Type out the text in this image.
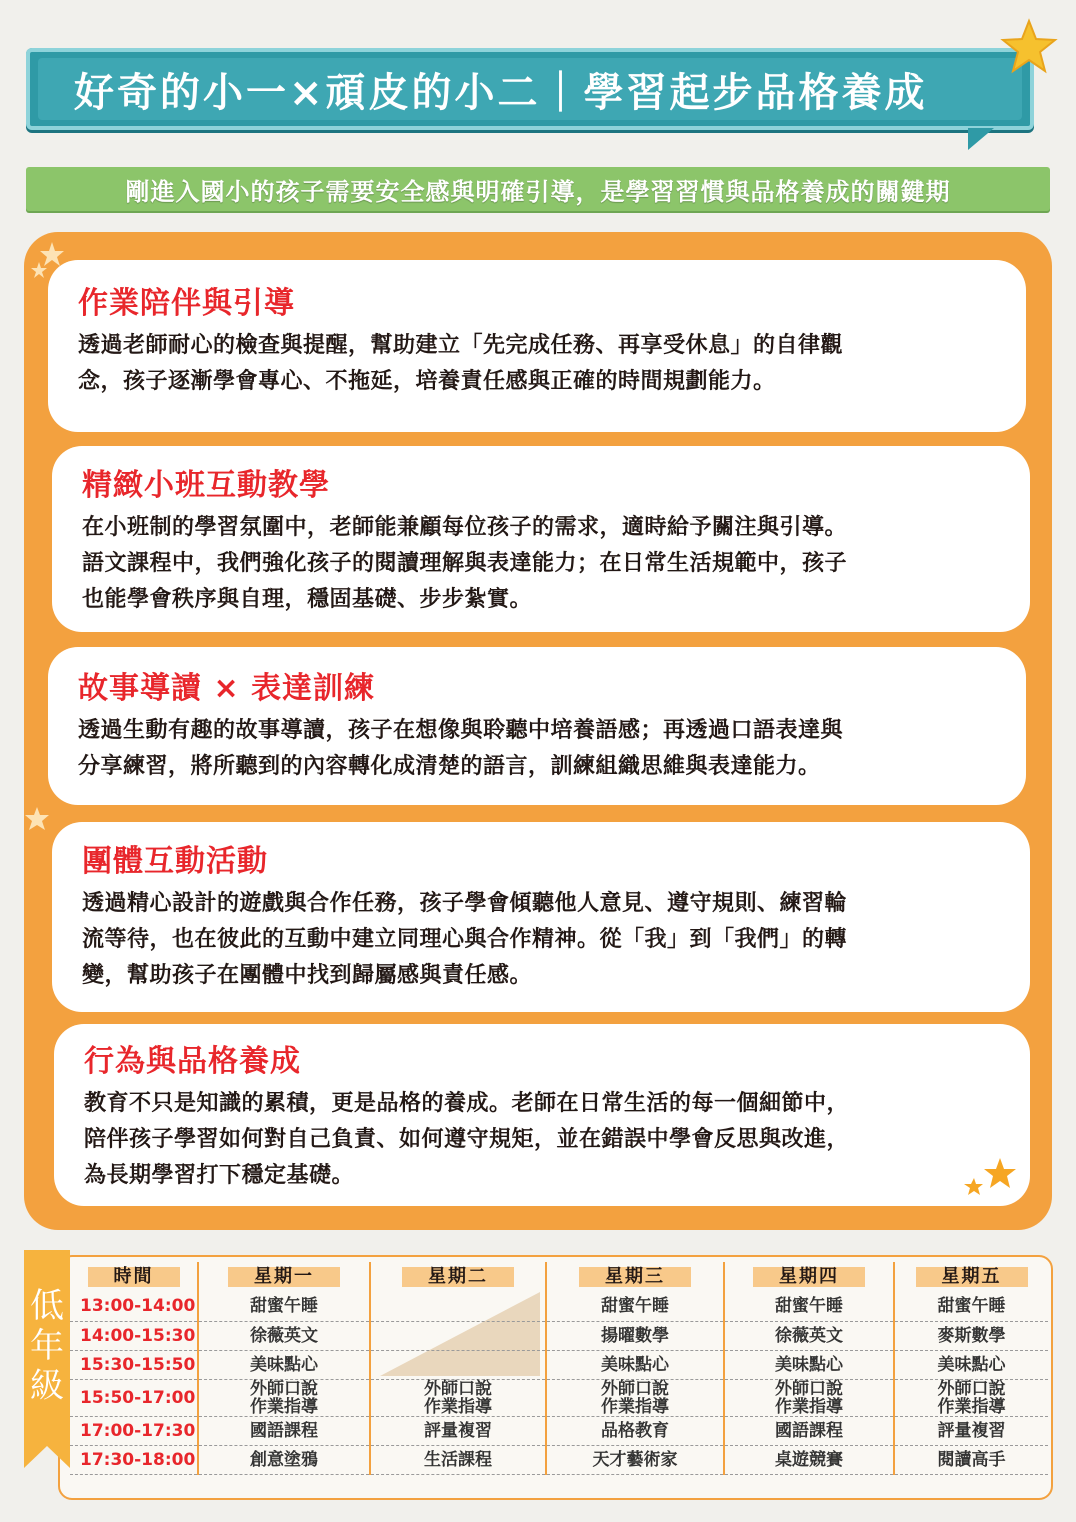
好奇的小一×頑皮的小二｜學習起步品格養成
剛進入國小的孩子需要安全感與明確引導，是學習習慣與品格養成的關鍵期
作業陪伴與引導
透過老師耐心的檢查與提醒，幫助建立「先完成任務、再享受休息」的自律觀
念，孩子逐漸學會專心、不拖延，培養責任感與正確的時間規劃能力。
精緻小班互動教學
在小班制的學習氛圍中，老師能兼顧每位孩子的需求，適時給予關注與引導。
語文課程中，我們強化孩子的閱讀理解與表達能力；在日常生活規範中，孩子
也能學會秩序與自理，穩固基礎、步步紮實。
故事導讀 × 表達訓練
透過生動有趣的故事導讀，孩子在想像與聆聽中培養語感；再透過口語表達與
分享練習，將所聽到的內容轉化成清楚的語言，訓練組織思維與表達能力。
團體互動活動
透過精心設計的遊戲與合作任務，孩子學會傾聽他人意見、遵守規則、練習輪
流等待，也在彼此的互動中建立同理心與合作精神。從「我」到「我們」的轉
變，幫助孩子在團體中找到歸屬感與責任感。
行為與品格養成
教育不只是知識的累積，更是品格的養成。老師在日常生活的每一個細節中，
陪伴孩子學習如何對自己負責、如何遵守規矩，並在錯誤中學會反思與改進，
為長期學習打下穩定基礎。
低
年
級
時間	星期一	星期二	星期三	星期四	星期五
13:00-14:00	甜蜜午睡		甜蜜午睡	甜蜜午睡	甜蜜午睡
14:00-15:30	徐薇英文		揚曜數學	徐薇英文	麥斯數學
15:30-15:50	美味點心		美味點心	美味點心	美味點心
15:50-17:00	外師口說
作業指導	外師口說
作業指導	外師口說
作業指導	外師口說
作業指導	外師口說
作業指導
17:00-17:30	國語課程	評量複習	品格教育	國語課程	評量複習
17:30-18:00	創意塗鴉	生活課程	天才藝術家	桌遊競賽	閱讀高手
